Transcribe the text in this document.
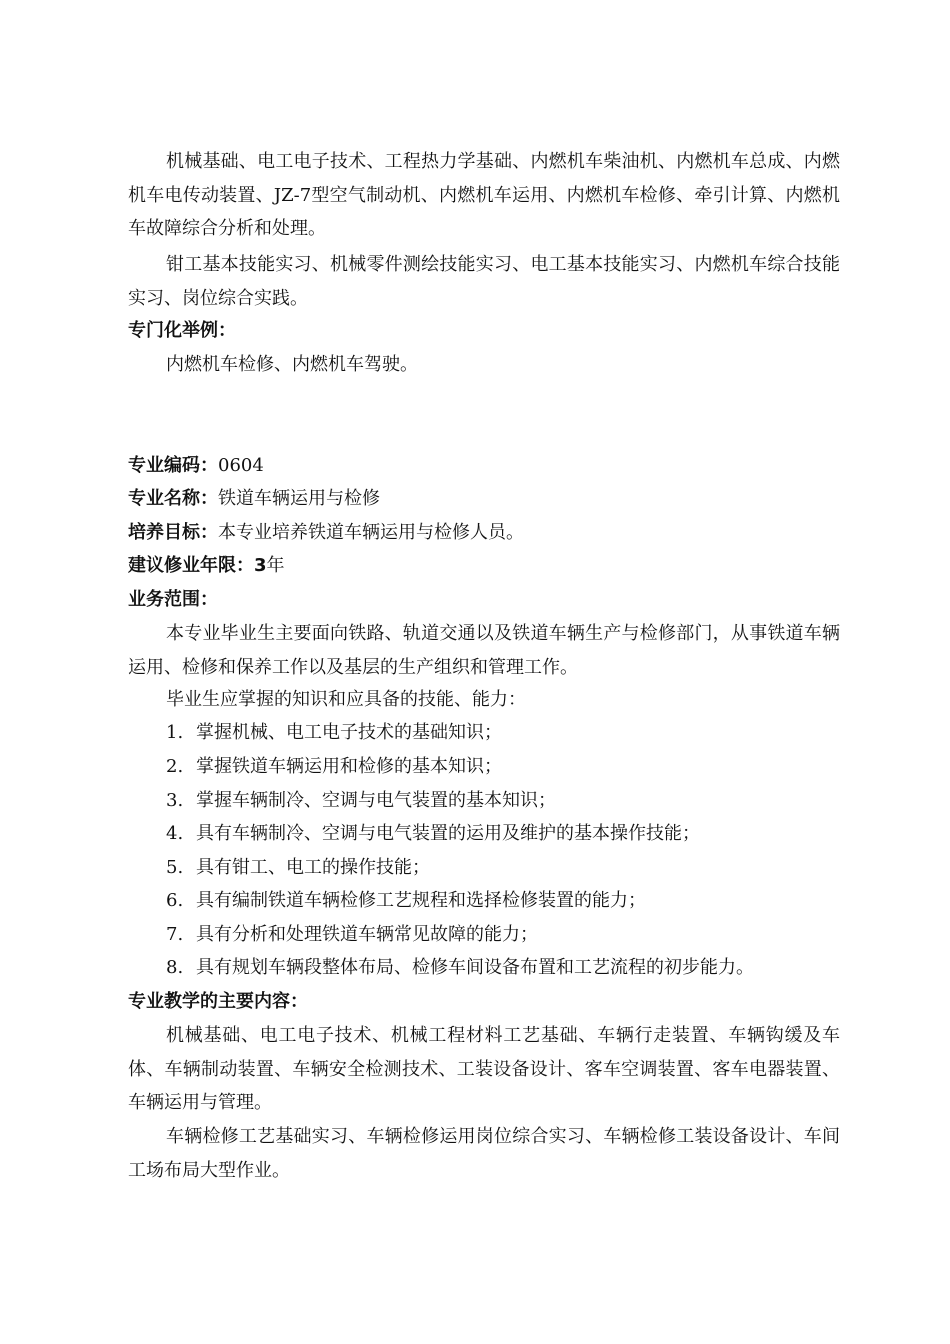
机械基础、电工电子技术、工程热力学基础、内燃机车柴油机、内燃机车总成、内燃机车电传动装置、JZ-7型空气制动机、内燃机车运用、内燃机车检修、牵引计算、内燃机车故障综合分析和处理。

钳工基本技能实习、机械零件测绘技能实习、电工基本技能实习、内燃机车综合技能实习、岗位综合实践。

专门化举例：

内燃机车检修、内燃机车驾驶。

专业编码：0604

专业名称：铁道车辆运用与检修

培养目标：本专业培养铁道车辆运用与检修人员。

建议修业年限：3年

业务范围：

本专业毕业生主要面向铁路、轨道交通以及铁道车辆生产与检修部门，从事铁道车辆运用、检修和保养工作以及基层的生产组织和管理工作。

毕业生应掌握的知识和应具备的技能、能力：

1. 掌握机械、电工电子技术的基础知识；

2. 掌握铁道车辆运用和检修的基本知识；

3. 掌握车辆制冷、空调与电气装置的基本知识；

4. 具有车辆制冷、空调与电气装置的运用及维护的基本操作技能；

5. 具有钳工、电工的操作技能；

6. 具有编制铁道车辆检修工艺规程和选择检修装置的能力；

7. 具有分析和处理铁道车辆常见故障的能力；

8. 具有规划车辆段整体布局、检修车间设备布置和工艺流程的初步能力。

专业教学的主要内容：

机械基础、电工电子技术、机械工程材料工艺基础、车辆行走装置、车辆钩缓及车体、车辆制动装置、车辆安全检测技术、工装设备设计、客车空调装置、客车电器装置、车辆运用与管理。

车辆检修工艺基础实习、车辆检修运用岗位综合实习、车辆检修工装设备设计、车间工场布局大型作业。
